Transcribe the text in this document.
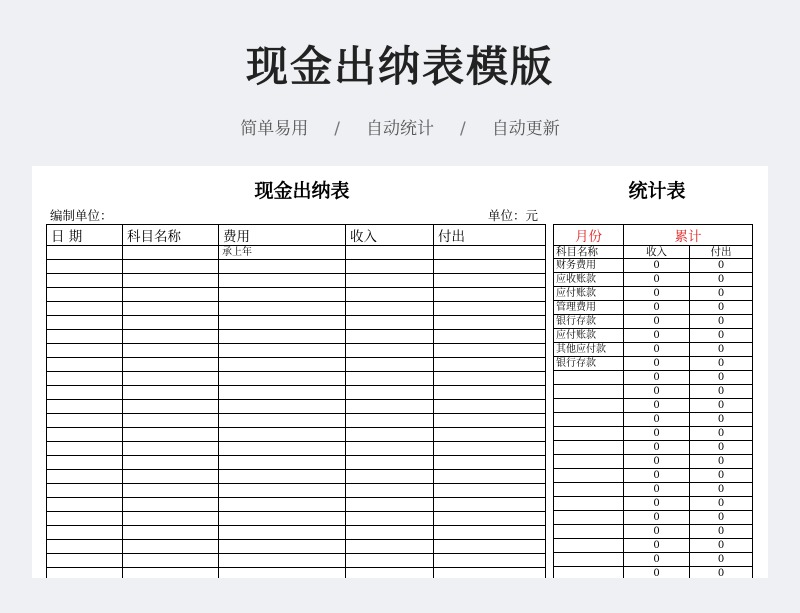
现金出纳表模版
简单易用 / 自动统计 / 自动更新
现金出纳表	统计表
编制单位：	单位：元
日 期	科目名称	费用	收入	付出
		承上年		

月份	累计	
科目名称	收入	付出
财务费用	0	0
应收账款	0	0
应付账款	0	0
管理费用	0	0
银行存款	0	0
应付账款	0	0
其他应付款	0	0
银行存款	0	0
	0	0
	0	0
	0	0
	0	0
	0	0
	0	0
	0	0
	0	0
	0	0
	0	0
	0	0
	0	0
	0	0
	0	0
	0	0
